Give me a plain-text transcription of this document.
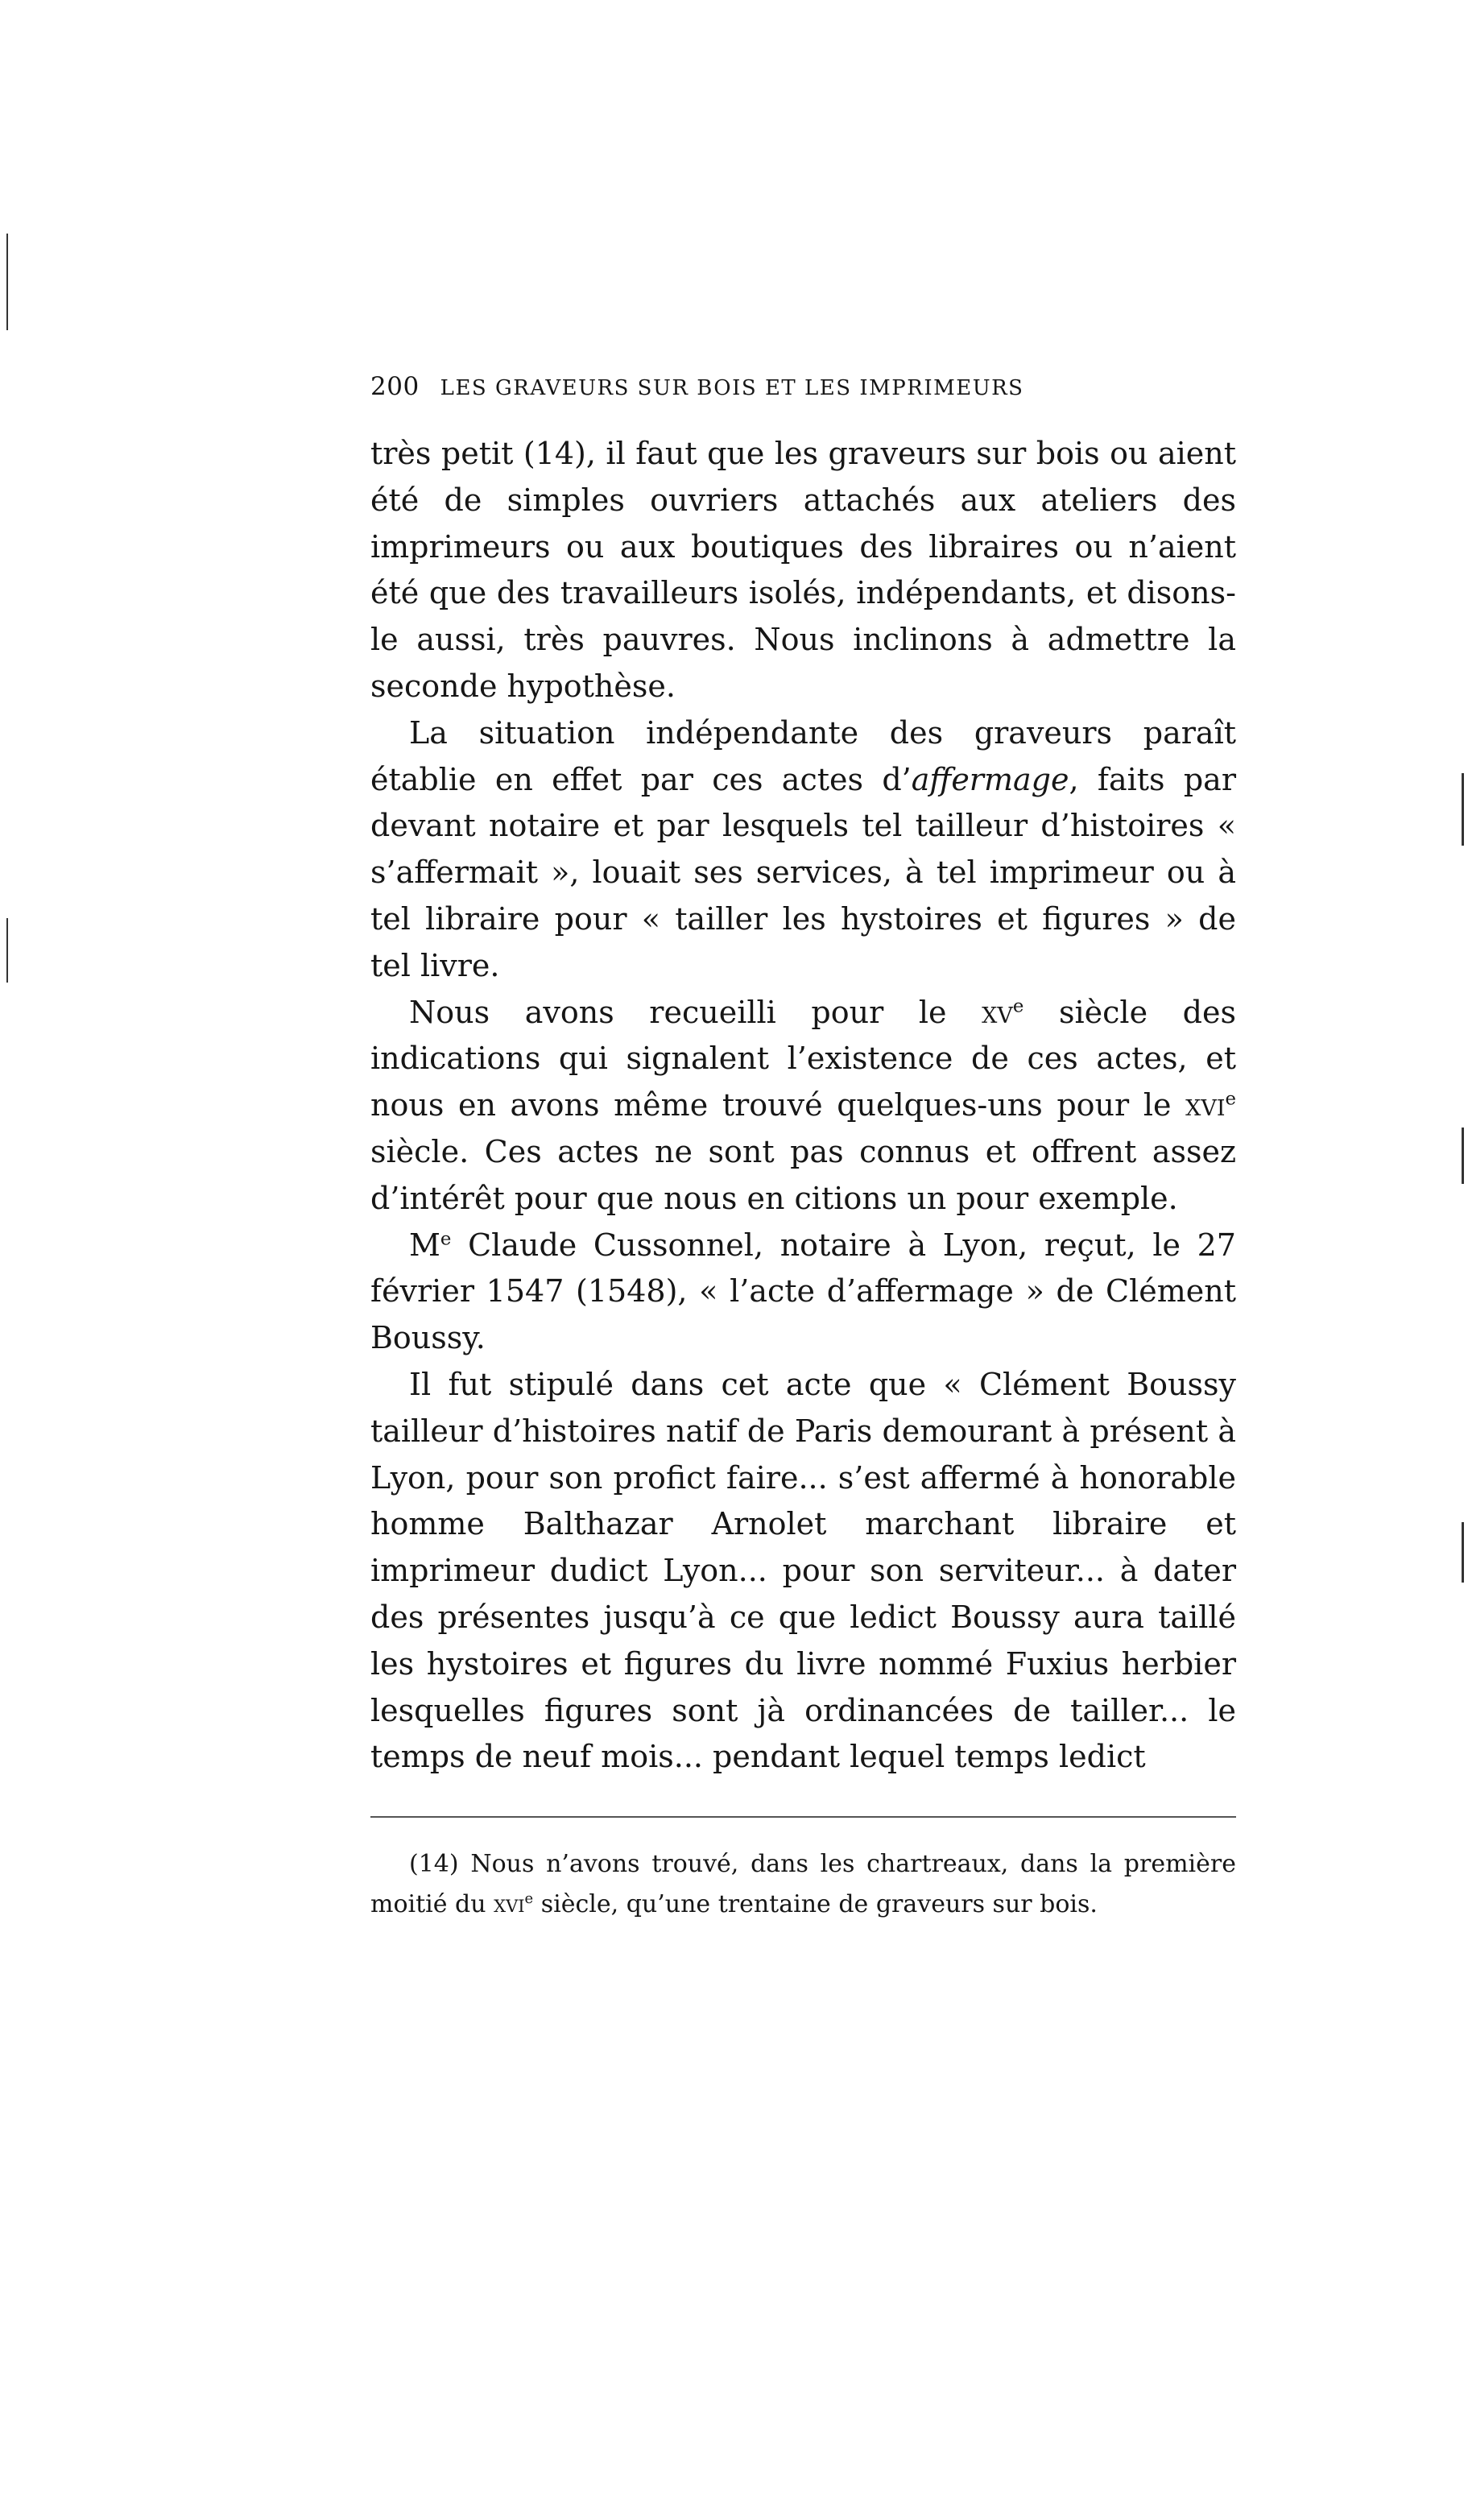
200 LES GRAVEURS SUR BOIS ET LES IMPRIMEURS

très petit (14), il faut que les graveurs sur bois ou aient été de simples ouvriers attachés aux ateliers des imprimeurs ou aux boutiques des libraires ou n’aient été que des travailleurs isolés, indépendants, et disons-le aussi, très pauvres. Nous inclinons à admettre la seconde hypothèse.

La situation indépendante des graveurs paraît établie en effet par ces actes d’affermage, faits par devant notaire et par lesquels tel tailleur d’histoires « s’affermait », louait ses services, à tel imprimeur ou à tel libraire pour « tailler les hystoires et figures » de tel livre.

Nous avons recueilli pour le $xv^e$ siècle des indications qui signalent l’existence de ces actes, et nous en avons même trouvé quelques-uns pour le xvi$^e$ siècle. Ces actes ne sont pas connus et offrent assez d’intérêt pour que nous en citions un pour exemple.

Me Claude Cussonnel, notaire à Lyon, reçut, le 27 février 1547 (1548), « l’acte d’affermage » de Clément Boussy.

Il fut stipulé dans cet acte que « Clément Boussy tailleur d’histoires natif de Paris demourant à présent à Lyon, pour son profict faire... s’est affermé à honorable homme Balthazar Arnolet marchant libraire et imprimeur dudict Lyon... pour son serviteur... à dater des présentes jusqu’à ce que ledict Boussy aura taillé les hystoires et figures du livre nommé Fuxius herbier lesquelles figures sont jà ordinancées de tailler... le temps de neuf mois... pendant lequel temps ledict

(14) Nous n’avons trouvé, dans les chartreaux, dans la première moitié du xvi$^e$ siècle, qu’une trentaine de graveurs sur bois.
